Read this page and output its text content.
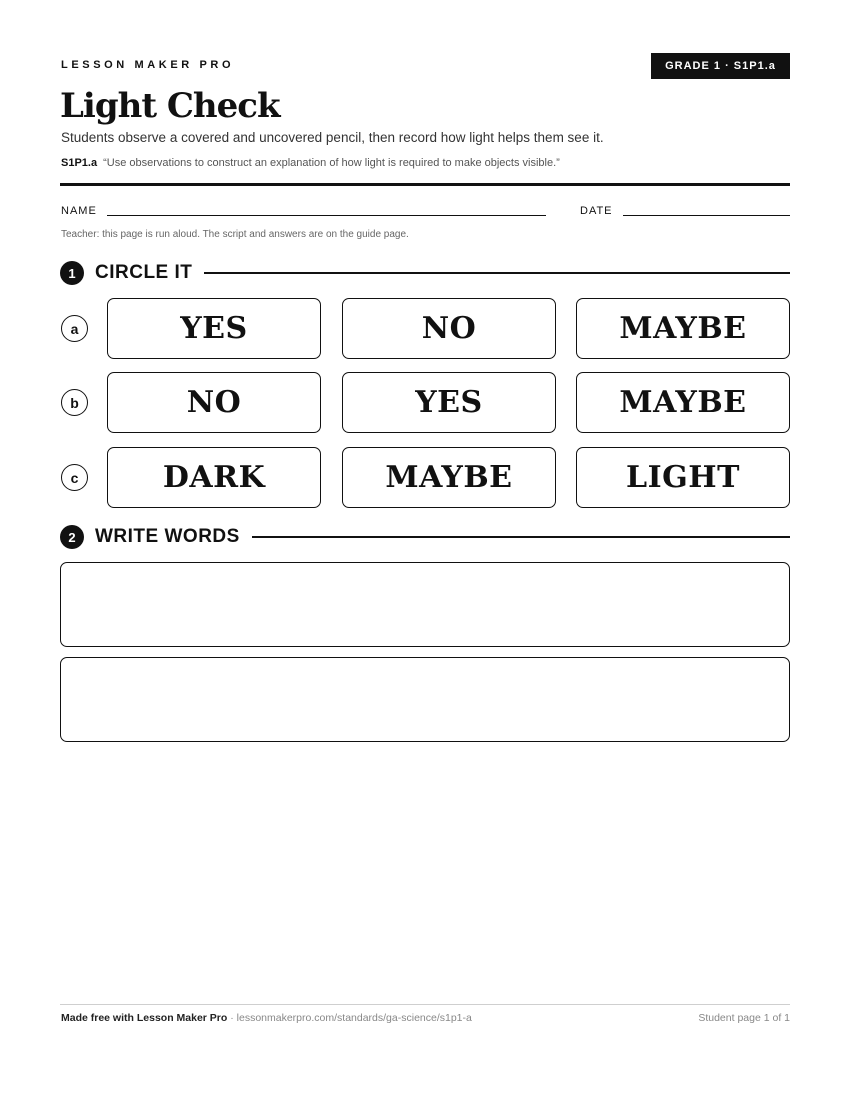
LESSON MAKER PRO	GRADE 1 · S1P1.a
Light Check
Students observe a covered and uncovered pencil, then record how light helps them see it.
S1P1.a “Use observations to construct an explanation of how light is required to make objects visible.”
NAME	DATE
Teacher: this page is run aloud. The script and answers are on the guide page.
1	CIRCLE IT
a	YES	NO	MAYBE
b	NO	YES	MAYBE
c	DARK	MAYBE	LIGHT
2	WRITE WORDS
Made free with Lesson Maker Pro · lessonmakerpro.com/standards/ga-science/s1p1-a	Student page 1 of 1
